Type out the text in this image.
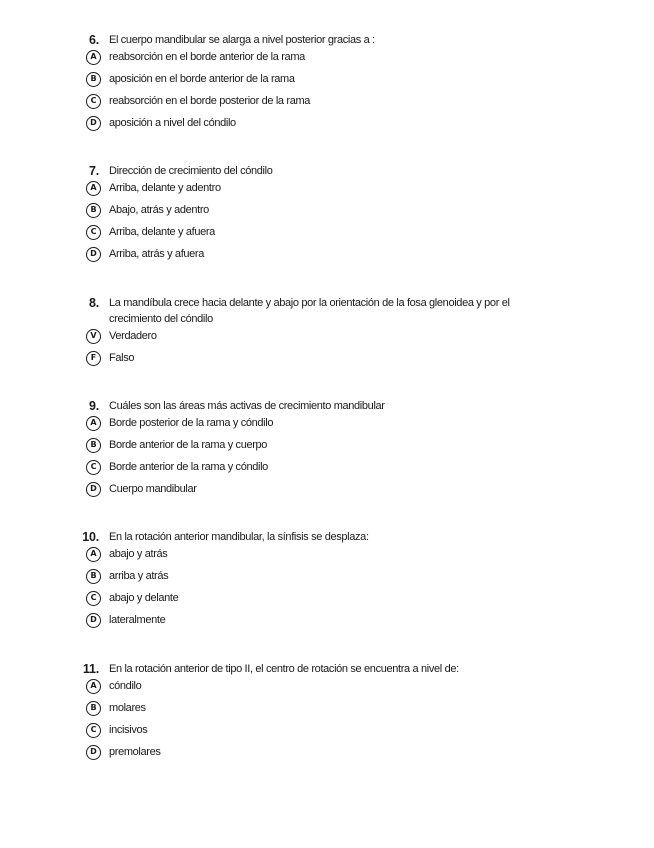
6. El cuerpo mandibular se alarga a nivel posterior gracias a :
A	reabsorción en el borde anterior de la rama
B	aposición en el borde anterior de la rama
C	reabsorción en el borde posterior de la rama
D	aposición a nivel del cóndilo
7. Dirección de crecimiento del cóndilo
A	Arriba, delante y adentro
B	Abajo, atrás y adentro
C	Arriba, delante y afuera
D	Arriba, atrás y afuera
8. La mandíbula crece hacia delante y abajo por la orientación de la fosa glenoidea y por el crecimiento del cóndilo
V	Verdadero
F	Falso
9. Cuáles son las áreas más activas de crecimiento mandibular
A	Borde posterior de la rama y cóndilo
B	Borde anterior de la rama y cuerpo
C	Borde anterior de la rama y cóndilo
D	Cuerpo mandibular
10. En la rotación anterior mandibular, la sínfisis se desplaza:
A	abajo y atrás
B	arriba y atrás
C	abajo y delante
D	lateralmente
11. En la rotación anterior de tipo II, el centro de rotación se encuentra a nivel de:
A	cóndilo
B	molares
C	incisivos
D	premolares
